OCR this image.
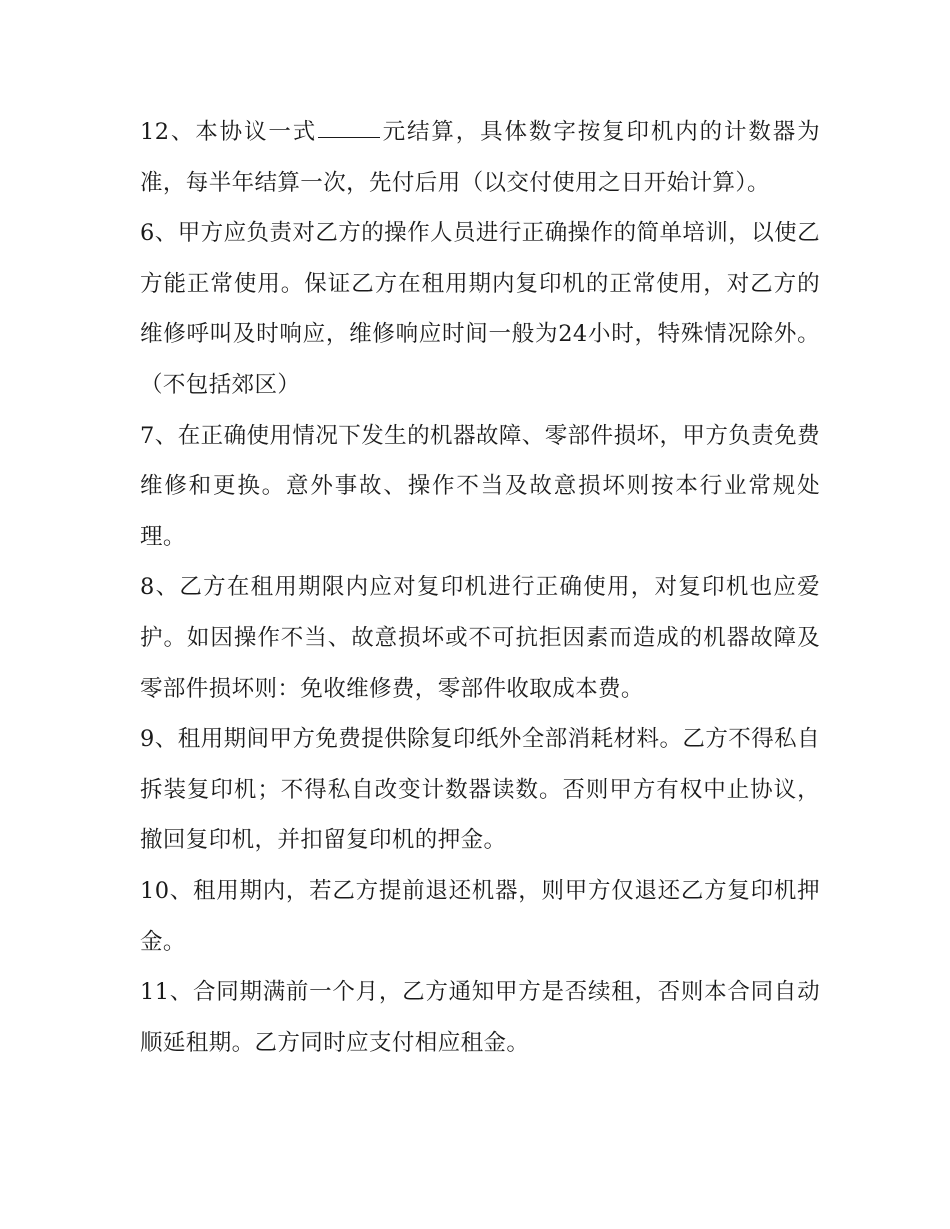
12、本协议一式	元结算，具体数字按复印机内的计数器为准，每半年结算一次，先付后用（以交付使用之日开始计算）。

6、甲方应负责对乙方的操作人员进行正确操作的简单培训，以使乙方能正常使用。保证乙方在租用期内复印机的正常使用，对乙方的维修呼叫及时响应，维修响应时间一般为24小时，特殊情况除外。（不包括郊区）

7、在正确使用情况下发生的机器故障、零部件损坏，甲方负责免费维修和更换。意外事故、操作不当及故意损坏则按本行业常规处理。

8、乙方在租用期限内应对复印机进行正确使用，对复印机也应爱护。如因操作不当、故意损坏或不可抗拒因素而造成的机器故障及零部件损坏则：免收维修费，零部件收取成本费。

9、租用期间甲方免费提供除复印纸外全部消耗材料。乙方不得私自拆装复印机；不得私自改变计数器读数。否则甲方有权中止协议，撤回复印机，并扣留复印机的押金。

10、租用期内，若乙方提前退还机器，则甲方仅退还乙方复印机押金。

11、合同期满前一个月，乙方通知甲方是否续租，否则本合同自动顺延租期。乙方同时应支付相应租金。
